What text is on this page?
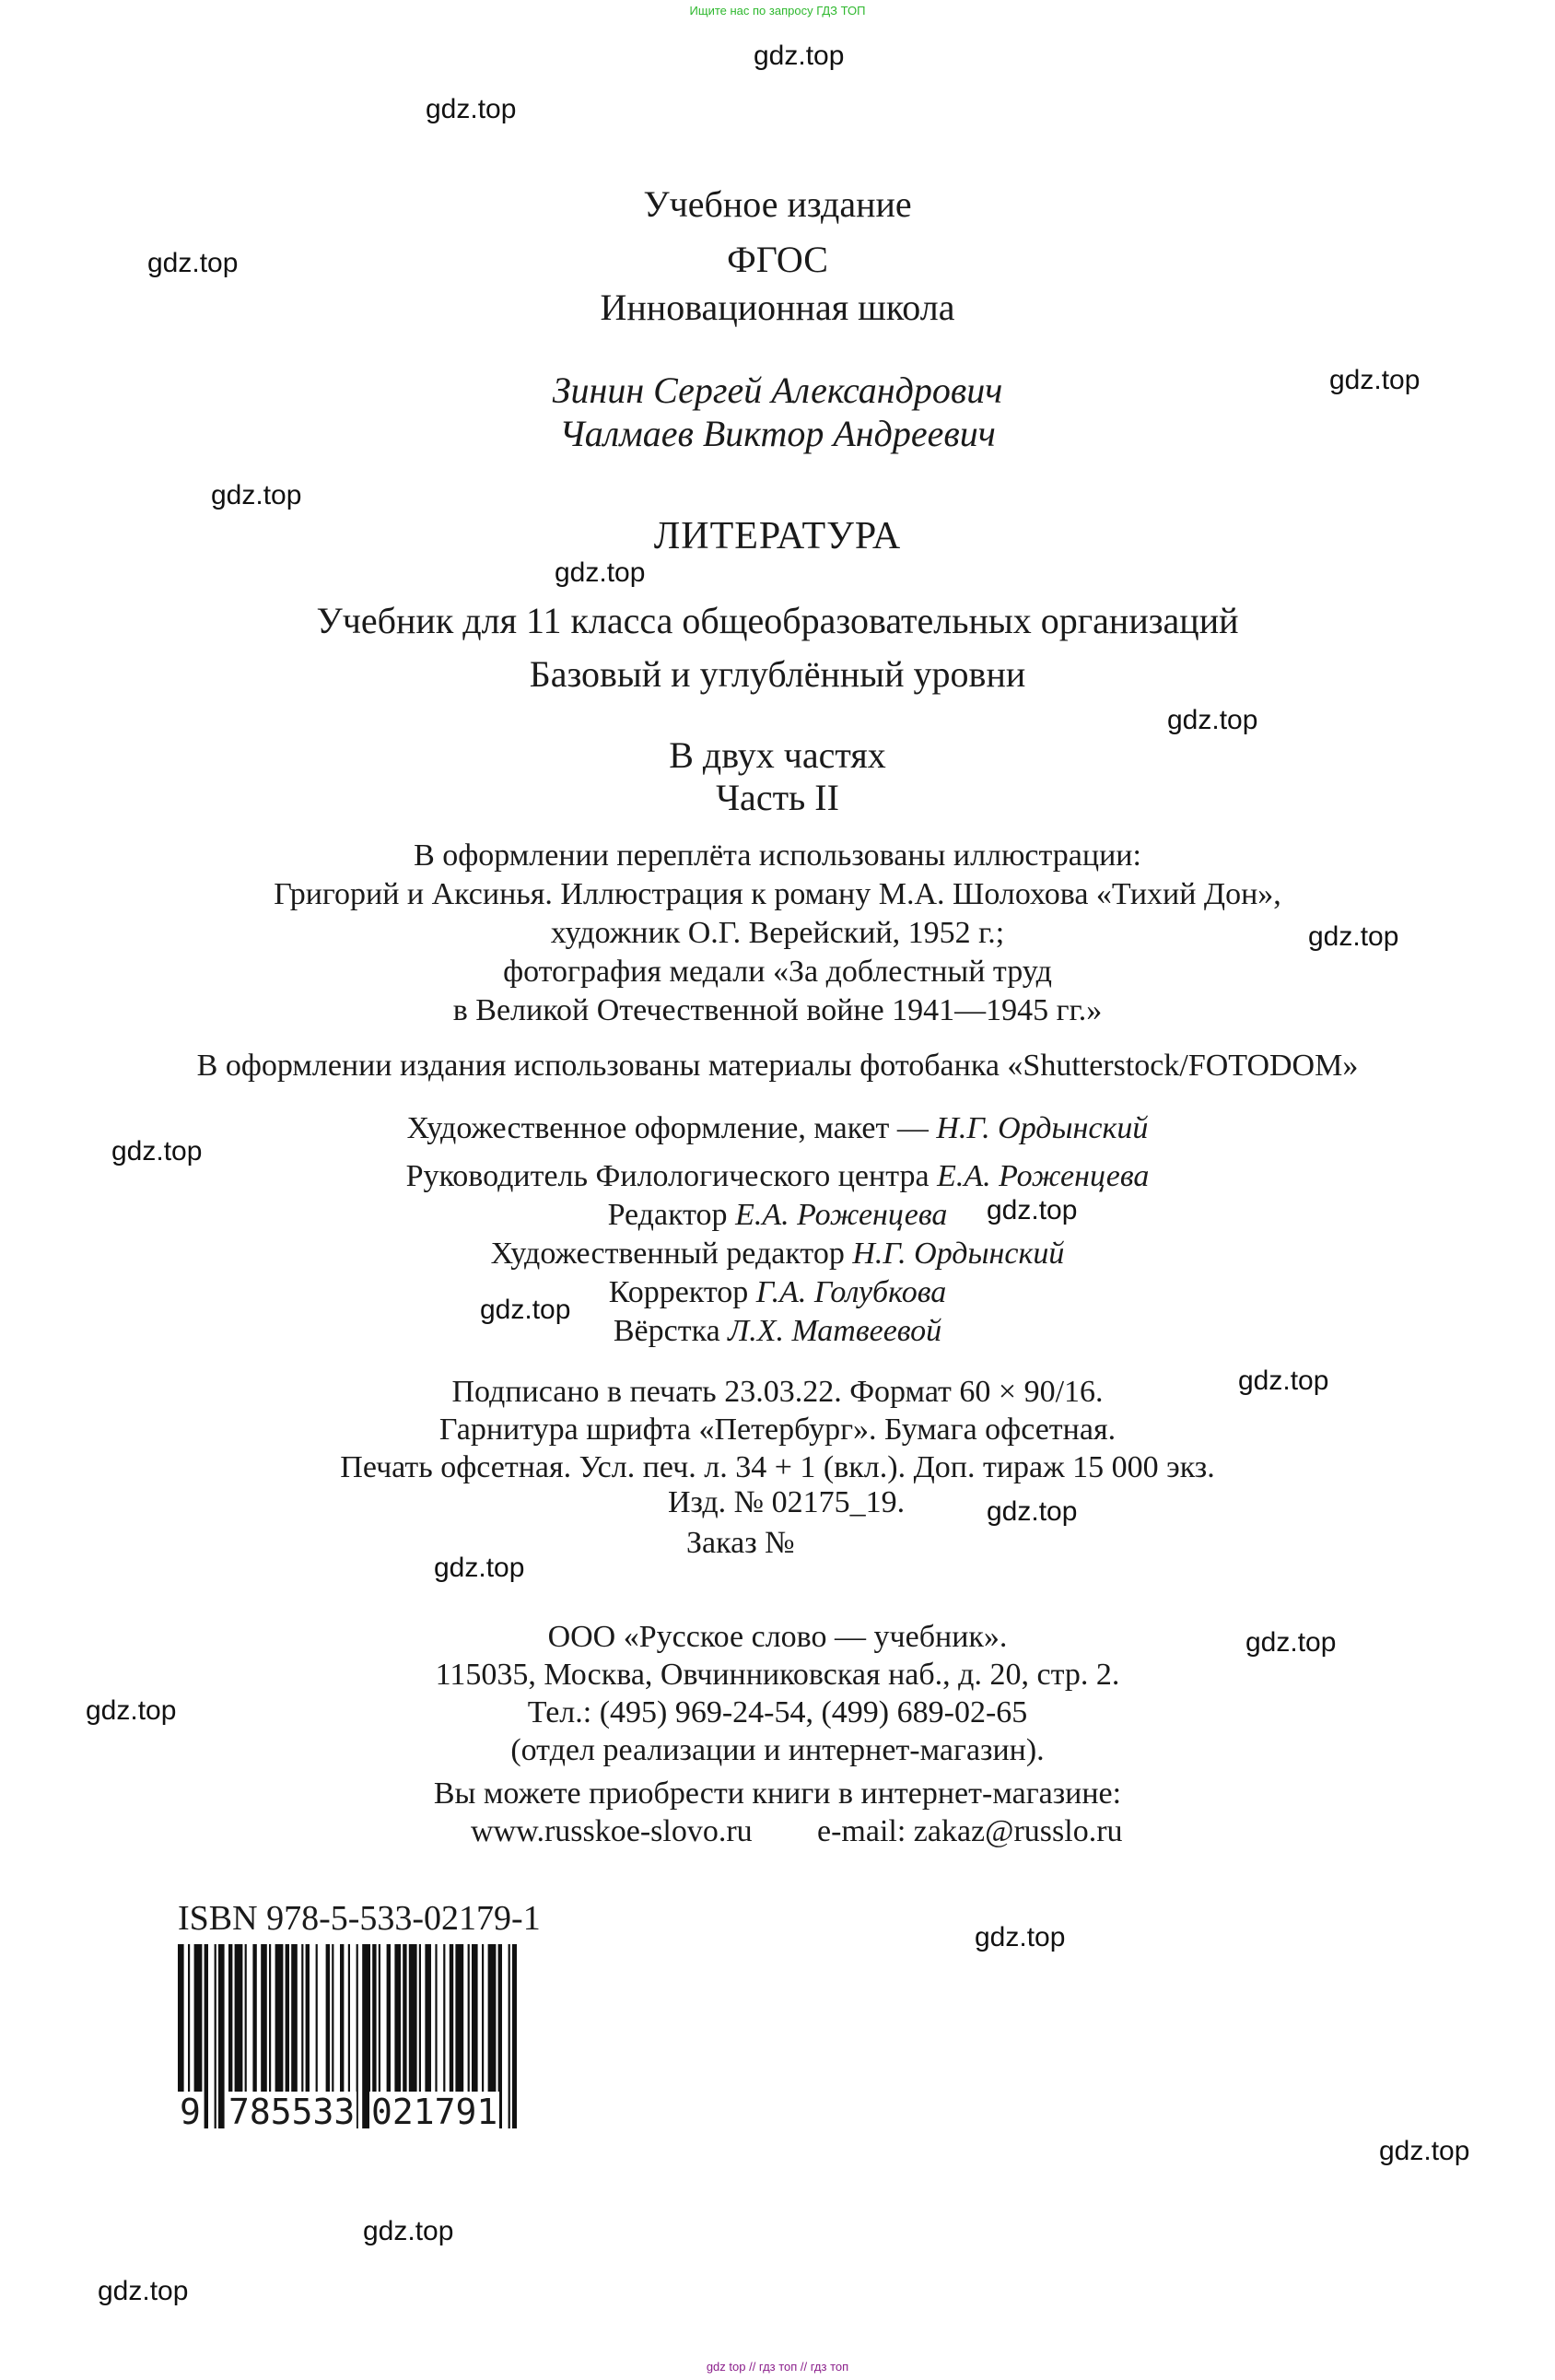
Ищите нас по запросу ГДЗ ТОП
gdz.top
gdz.top
gdz.top
gdz.top
gdz.top
gdz.top
gdz.top
gdz.top
gdz.top
gdz.top
gdz.top
gdz.top
gdz.top
gdz.top
gdz.top
gdz.top
gdz.top
gdz.top
gdz.top
gdz.top
Учебное издание
ФГОС
Инновационная школа
Зинин Сергей Александрович
Чалмаев Виктор Андреевич
ЛИТЕРАТУРА
Учебник для 11 класса общеобразовательных организаций
Базовый и углублённый уровни
В двух частях
Часть II
В оформлении переплёта использованы иллюстрации:
Григорий и Аксинья. Иллюстрация к роману М.А. Шолохова «Тихий Дон»,
художник О.Г. Верейский, 1952 г.;
фотография медали «За доблестный труд
в Великой Отечественной войне 1941—1945 гг.»
В оформлении издания использованы материалы фотобанка «Shutterstock/FOTODOM»
Художественное оформление, макет — Н.Г. Ордынский
Руководитель Филологического центра Е.А. Роженцева
Редактор Е.А. Роженцева
Художественный редактор Н.Г. Ордынский
Корректор Г.А. Голубкова
Вёрстка Л.Х. Матвеевой
Подписано в печать 23.03.22. Формат 60 × 90/16.
Гарнитура шрифта «Петербург». Бумага офсетная.
Печать офсетная. Усл. печ. л. 34 + 1 (вкл.). Доп. тираж 15 000 экз.
Изд. № 02175_19.
Заказ №
ООО «Русское слово — учебник».
115035, Москва, Овчинниковская наб., д. 20, стр. 2.
Тел.: (495) 969-24-54, (499) 689-02-65
(отдел реализации и интернет-магазин).
Вы можете приобрести книги в интернет-магазине:
www.russkoe-slovo.ru e-mail: zakaz@russlo.ru
ISBN 978-5-533-02179-1
9 785533 021791
gdz top // гдз топ // гдз топ
